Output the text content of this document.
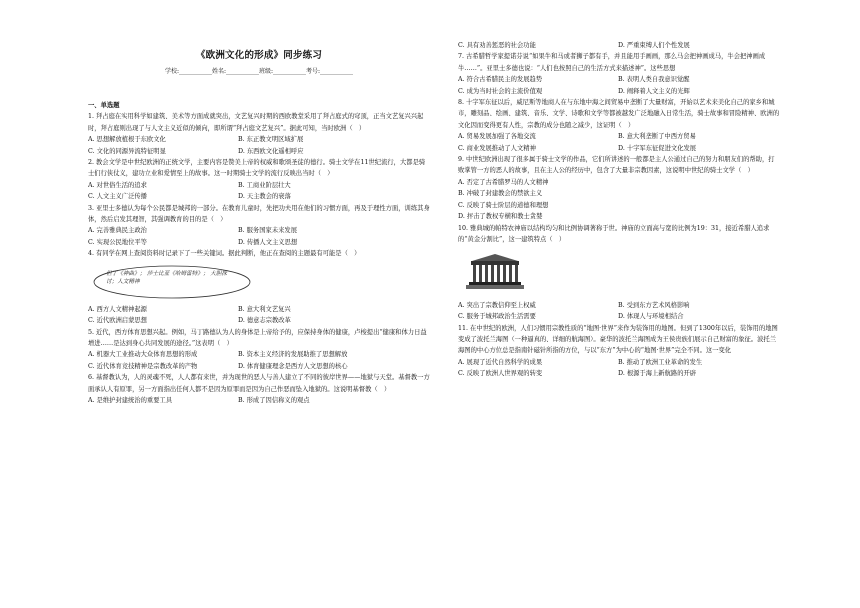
《欧洲文化的形成》同步练习
学校:___________姓名:___________班级:___________考号:___________
一、单选题

1. 拜占庭在实用科学如建筑、美术等方面成就突出，文艺复兴时期的西欧教堂采用了拜占庭式的穹顶，正当文艺复兴兴起时，拜占庭则出现了与人文主义近似的倾向，即所谓“拜占庭文艺复兴”。据此可知，当时欧洲（　）

A. 思想解放植根于东欧文化	B. 东正教文明区域扩展
C. 文化的同源异流特征明显	D. 东西欧文化遥相呼应

2. 教会文学是中世纪欧洲的正统文学，主要内容是赞美上帝的权威和歌颂圣徒的德行。骑士文学在11世纪流行，大都是骑士们行侠仗义，建功立业和爱情至上的故事。这一时期骑士文学的流行反映出当时（　）

A. 对世俗生活的追求	B. 工商业阶层壮大
C. 人文主义广泛传播	D. 天主教会的衰落

3. 亚里士多德认为每个公民都是城邦的一部分。在教育儿童时，先把功夫用在他们的习惯方面，再及于理性方面，训练其身体，然后启发其理智，其强调教育的目的是（　）

A. 完善雅典民主政治	B. 服务国家未来发展
C. 实现公民地位平等	D. 传播人文主义思想

4. 有同学在网上查阅资料时记录下了一些关键词。据此判断，他正在查阅的主题最有可能是（　）

但丁《神曲》； 莎士比亚《哈姆雷特》； 大胆探讨；人文精神
A. 西方人文精神起源	B. 意大利文艺复兴
C. 近代欧洲启蒙思想	D. 德意志宗教改革

5. 近代，西方体育思想兴起。例如，马丁路德认为人的身体是上帝给予的，应保持身体的健康，卢梭提出“健康和体力日益增进……是达到身心共同发展的途径。”这表明（　）

A. 机器大工业推动大众体育思想的形成	B. 资本主义经济的发展助推了思想解放
C. 近代体育竞技精神是宗教改革的产物	D. 体育健康理念是西方人文思想的核心

6. 基督教认为，人的灵魂不死，人人都有来世，并为现世的恶人与善人建立了不同的彼岸世界——地狱与天堂。基督教一方面承认人有原罪，另一方面指出任何人都不是因为原罪而是因为自己作恶而坠入地狱的。这说明基督教（　）

A. 是维护封建统治的重要工具	B. 形成了因信称义的观点
C. 具有劝善惩恶的社会功能	D. 严重束缚人们个性发展

7. 古希腊哲学家提诺芬说“如果牛和马或者狮子都有手，并且能用手画画，那么马会把神画成马，牛会把神画成牛……”。亚里士多德也说：“人们也按照自己的生活方式来描述神”。这些思想

A. 符合古希腊民主的发展趋势	B. 表明人类自我意识觉醒
C. 成为当时社会的主流价值观	D. 阐释着人文主义的光辉

8. 十字军东征以后，威尼斯等地商人在与东地中海之间贸易中垄断了大量财富，开始以艺术来美化自己的家乡和城市，雕刻品、绘画、建筑、音乐、文学、诗歌和文学等都被越发广泛地融入日常生活，骑士故事和冒险精神、欧洲的文化因而变得更有人性，宗教的成分也随之减少，这证明（　）

A. 贸易发展加强了各地交流	B. 意大利垄断了中西方贸易
C. 商业发展推动了人文精神	D. 十字军东征促进文化发展

9. 中世纪欧洲出现了很多属于骑士文学的作品，它们所讲述的一般都是主人公通过自己的努力和朋友们的帮助，打败掌管一方的恶人的故事，且在主人公的经历中，包含了大量非宗教因素，这说明中世纪的骑士文学（　）

A. 否定了古希腊罗马的人文精神
B. 冲破了封建教会的禁欲主义
C. 反映了骑士阶层的道德和理想
D. 抨击了教权专横和教士贪婪

10. 雅典城的帕特农神庙以结构均匀和比例协调著称于世。神庙的立面高与宽的比例为19：31，接近希腊人追求的“黄金分割比”，这一建筑特点（　）

A. 突出了宗教信仰至上权威	B. 受到东方艺术风格影响
C. 服务于城邦政治生活需要	D. 体现人与环境相结合

11. 在中世纪的欧洲，人们习惯用宗教性质的“地图·世界”来作为装饰用的地图。但到了1300年以后，装饰用的地图变成了波托兰海图（一种逼真的、详细的航海图）。豪华的波托兰海图成为王侯贵族们展示自己财富的象征。波托兰海图的中心方位总是指南针磁针所指的方位，与以“东方”为中心的“地图·世界”完全不同。这一变化

A. 展现了近代自然科学的成果	B. 推动了欧洲工业革命的发生
C. 反映了欧洲人世界观的转变	D. 根源于海上新航路的开辟
